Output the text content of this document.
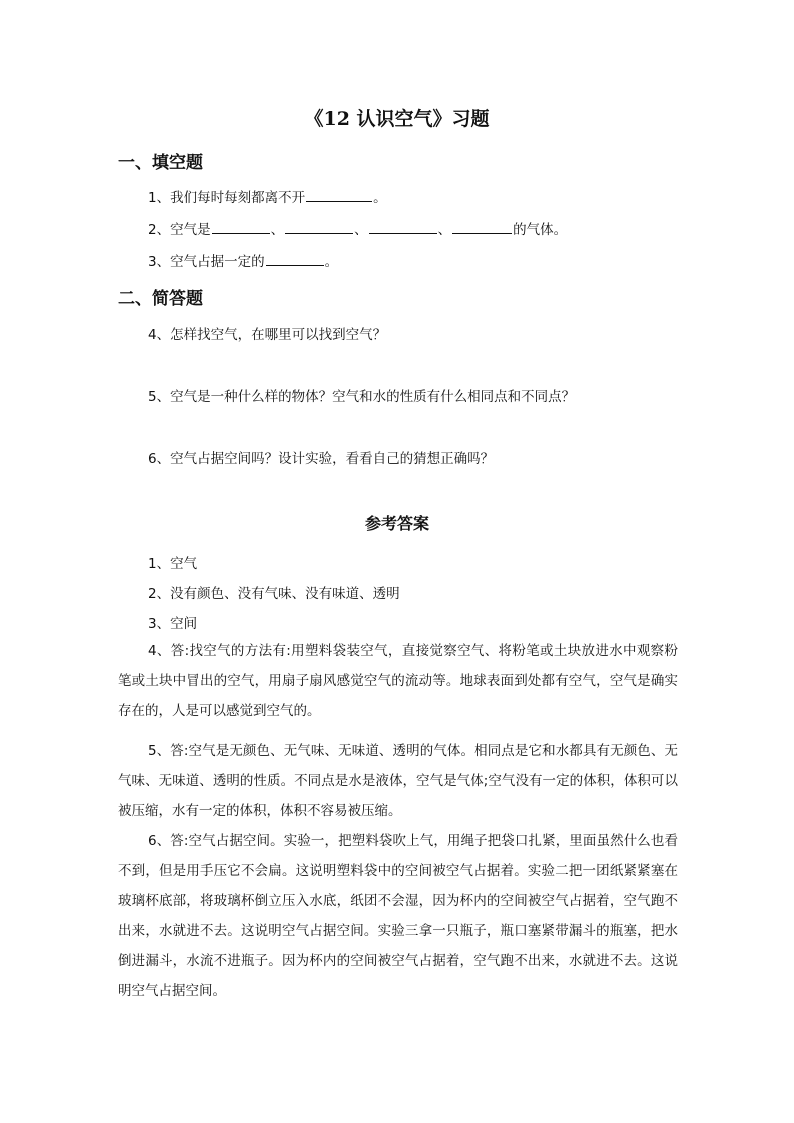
《12 认识空气》习题
一、填空题
1、我们每时每刻都离不开	。
2、空气是	、	、	、	的气体。
3、空气占据一定的	。
二、简答题
4、怎样找空气，在哪里可以找到空气？
5、空气是一种什么样的物体？空气和水的性质有什么相同点和不同点？
6、空气占据空间吗？设计实验，看看自己的猜想正确吗？
参考答案
1、空气
2、没有颜色、没有气味、没有味道、透明
3、空间
4、答:找空气的方法有:用塑料袋装空气，直接觉察空气、将粉笔或土块放进水中观察粉笔或土块中冒出的空气，用扇子扇风感觉空气的流动等。地球表面到处都有空气，空气是确实存在的，人是可以感觉到空气的。
5、答:空气是无颜色、无气味、无味道、透明的气体。相同点是它和水都具有无颜色、无气味、无味道、透明的性质。不同点是水是液体，空气是气体;空气没有一定的体积，体积可以被压缩，水有一定的体积，体积不容易被压缩。
6、答:空气占据空间。实验一，把塑料袋吹上气，用绳子把袋口扎紧，里面虽然什么也看不到，但是用手压它不会扁。这说明塑料袋中的空间被空气占据着。实验二把一团纸紧紧塞在玻璃杯底部，将玻璃杯倒立压入水底，纸团不会湿，因为杯内的空间被空气占据着，空气跑不出来，水就进不去。这说明空气占据空间。实验三拿一只瓶子，瓶口塞紧带漏斗的瓶塞，把水倒进漏斗，水流不进瓶子。因为杯内的空间被空气占据着，空气跑不出来，水就进不去。这说明空气占据空间。
